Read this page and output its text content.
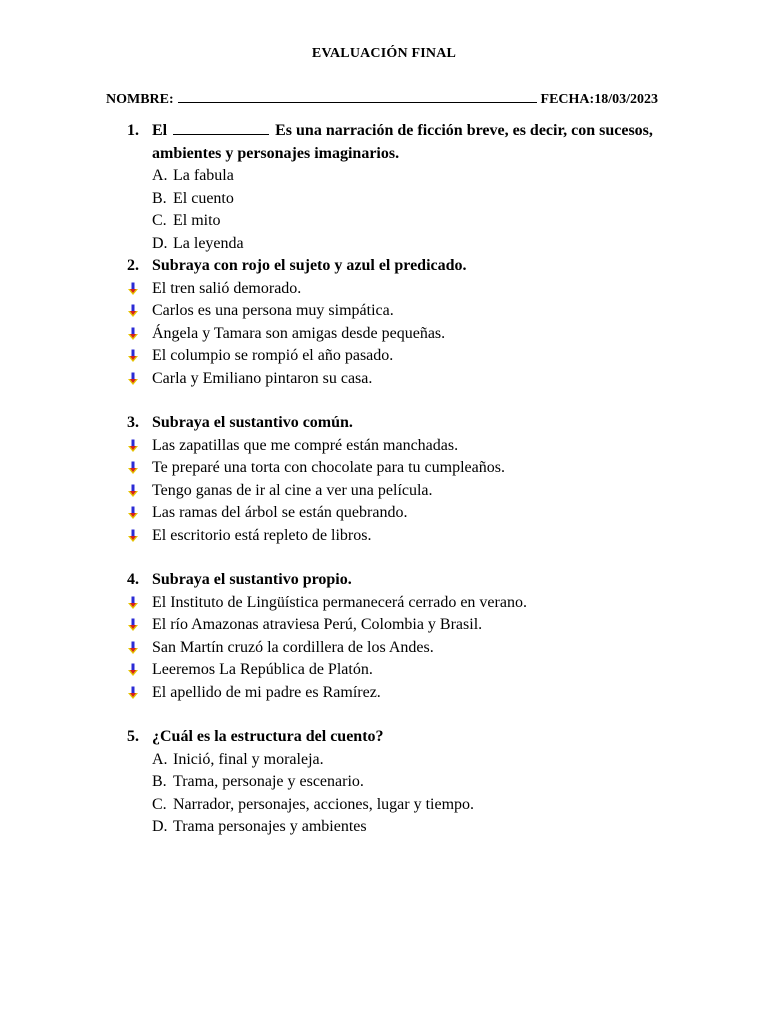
EVALUACIÓN FINAL
NOMBRE:	FECHA:18/03/2023
1. El	Es una narración de ficción breve, es decir, con sucesos, ambientes y personajes imaginarios.
A. La fabula
B. El cuento
C. El mito
D. La leyenda
2. Subraya con rojo el sujeto y azul el predicado.
El tren salió demorado.
Carlos es una persona muy simpática.
Ángela y Tamara son amigas desde pequeñas.
El columpio se rompió el año pasado.
Carla y Emiliano pintaron su casa.
3. Subraya el sustantivo común.
Las zapatillas que me compré están manchadas.
Te preparé una torta con chocolate para tu cumpleaños.
Tengo ganas de ir al cine a ver una película.
Las ramas del árbol se están quebrando.
El escritorio está repleto de libros.
4. Subraya el sustantivo propio.
El Instituto de Lingüística permanecerá cerrado en verano.
El río Amazonas atraviesa Perú, Colombia y Brasil.
San Martín cruzó la cordillera de los Andes.
Leeremos La República de Platón.
El apellido de mi padre es Ramírez.
5. ¿Cuál es la estructura del cuento?
A. Inició, final y moraleja.
B. Trama, personaje y escenario.
C. Narrador, personajes, acciones, lugar y tiempo.
D. Trama personajes y ambientes
